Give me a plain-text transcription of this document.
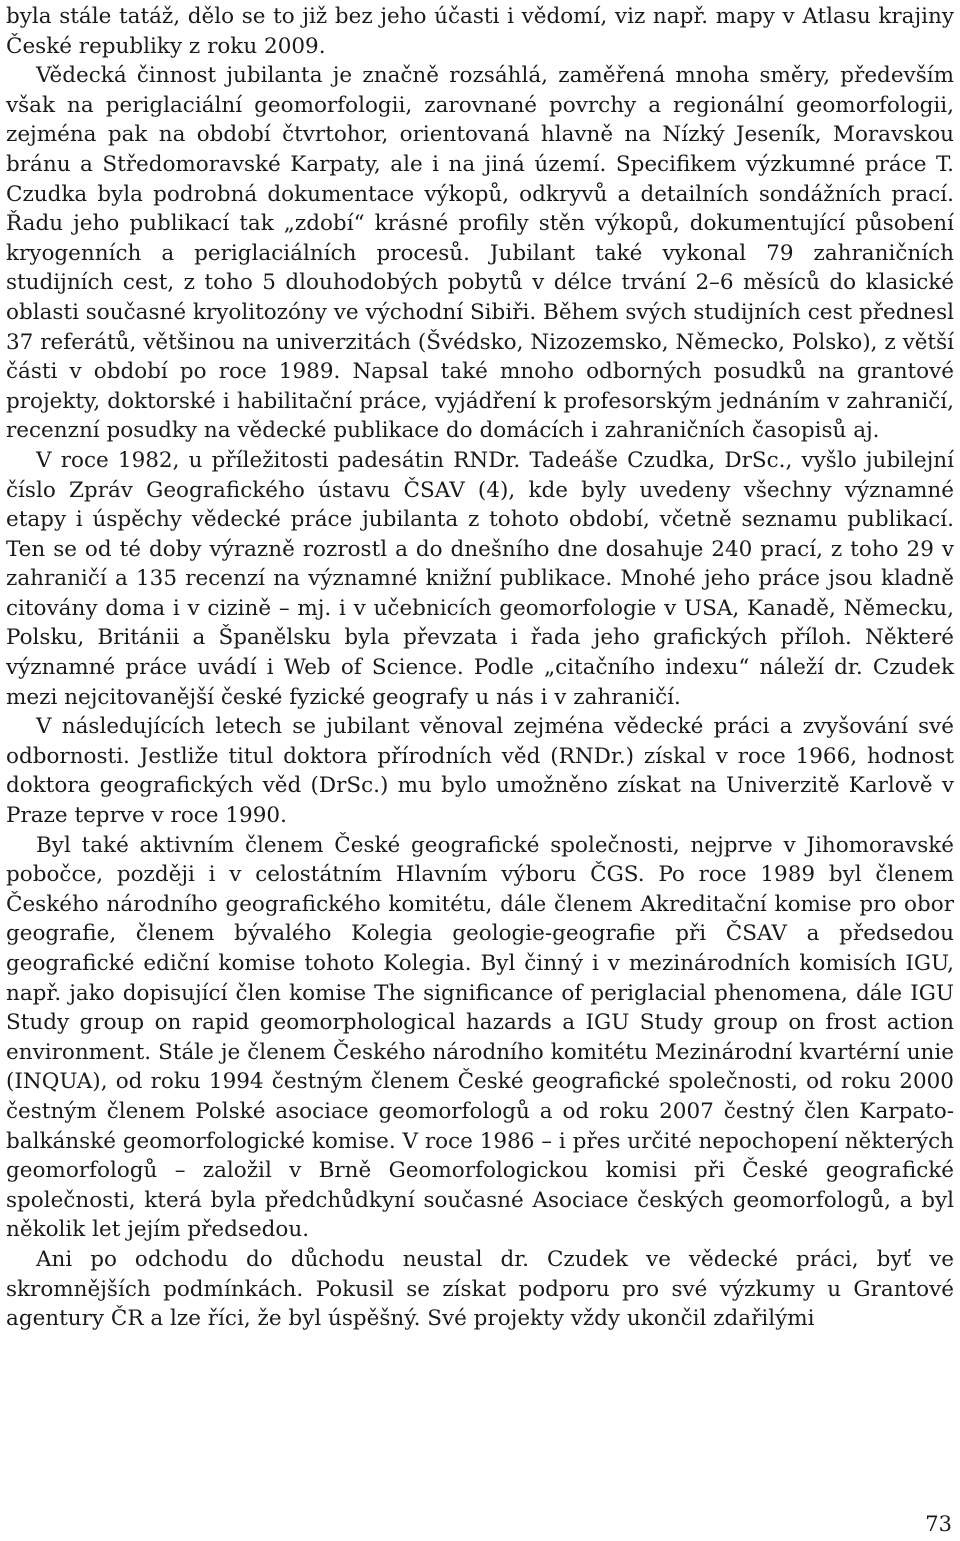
byla stále tatáž, dělo se to již bez jeho účasti i vědomí, viz např. mapy v Atlasu krajiny České republiky z roku 2009.

Vědecká činnost jubilanta je značně rozsáhlá, zaměřená mnoha směry, především však na periglaciální geomorfologii, zarovnané povrchy a regionální geomorfologii, zejména pak na období čtvrtohor, orientovaná hlavně na Nízký Jeseník, Moravskou bránu a Středomoravské Karpaty, ale i na jiná území. Specifikem výzkumné práce T. Czudka byla podrobná dokumentace výkopů, odkryvů a detailních sondážních prací. Řadu jeho publikací tak „zdobí“ krásné profily stěn výkopů, dokumentující působení kryogenních a periglaciálních procesů. Jubilant také vykonal 79 zahraničních studijních cest, z toho 5 dlouhodobých pobytů v délce trvání 2–6 měsíců do klasické oblasti současné kryolitozóny ve východní Sibiři. Během svých studijních cest přednesl 37 referátů, většinou na univerzitách (Švédsko, Nizozemsko, Německo, Polsko), z větší části v období po roce 1989. Napsal také mnoho odborných posudků na grantové projekty, doktorské i habilitační práce, vyjádření k profesorským jednáním v zahraničí, recenzní posudky na vědecké publikace do domácích i zahraničních časopisů aj.

V roce 1982, u příležitosti padesátin RNDr. Tadeáše Czudka, DrSc., vyšlo jubilejní číslo Zpráv Geografického ústavu ČSAV (4), kde byly uvedeny všechny významné etapy i úspěchy vědecké práce jubilanta z tohoto období, včetně seznamu publikací. Ten se od té doby výrazně rozrostl a do dnešního dne dosahuje 240 prací, z toho 29 v zahraničí a 135 recenzí na významné knižní publikace. Mnohé jeho práce jsou kladně citovány doma i v cizině – mj. i v učebnicích geomorfologie v USA, Kanadě, Německu, Polsku, Británii a Španělsku byla převzata i řada jeho grafických příloh. Některé významné práce uvádí i Web of Science. Podle „citačního indexu“ náleží dr. Czudek mezi nejcitovanější české fyzické geografy u nás i v zahraničí.

V následujících letech se jubilant věnoval zejména vědecké práci a zvyšování své odbornosti. Jestliže titul doktora přírodních věd (RNDr.) získal v roce 1966, hodnost doktora geografických věd (DrSc.) mu bylo umožněno získat na Univerzitě Karlově v Praze teprve v roce 1990.

Byl také aktivním členem České geografické společnosti, nejprve v Jihomoravské pobočce, později i v celostátním Hlavním výboru ČGS. Po roce 1989 byl členem Českého národního geografického komitétu, dále členem Akreditační komise pro obor geografie, členem bývalého Kolegia geologie-geografie při ČSAV a předsedou geografické ediční komise tohoto Kolegia. Byl činný i v mezinárodních komisích IGU, např. jako dopisující člen komise The significance of periglacial phenomena, dále IGU Study group on rapid geomorphological hazards a IGU Study group on frost action environment. Stále je členem Českého národního komitétu Mezinárodní kvartérní unie (INQUA), od roku 1994 čestným členem České geografické společnosti, od roku 2000 čestným členem Polské asociace geomorfologů a od roku 2007 čestný člen Karpato-balkánské geomorfologické komise. V roce 1986 – i přes určité nepochopení některých geomorfologů – založil v Brně Geomorfologickou komisi při České geografické společnosti, která byla předchůdkyní současné Asociace českých geomorfologů, a byl několik let jejím předsedou.

Ani po odchodu do důchodu neustal dr. Czudek ve vědecké práci, byť ve skromnějších podmínkách. Pokusil se získat podporu pro své výzkumy u Grantové agentury ČR a lze říci, že byl úspěšný. Své projekty vždy ukončil zdařilými

73
